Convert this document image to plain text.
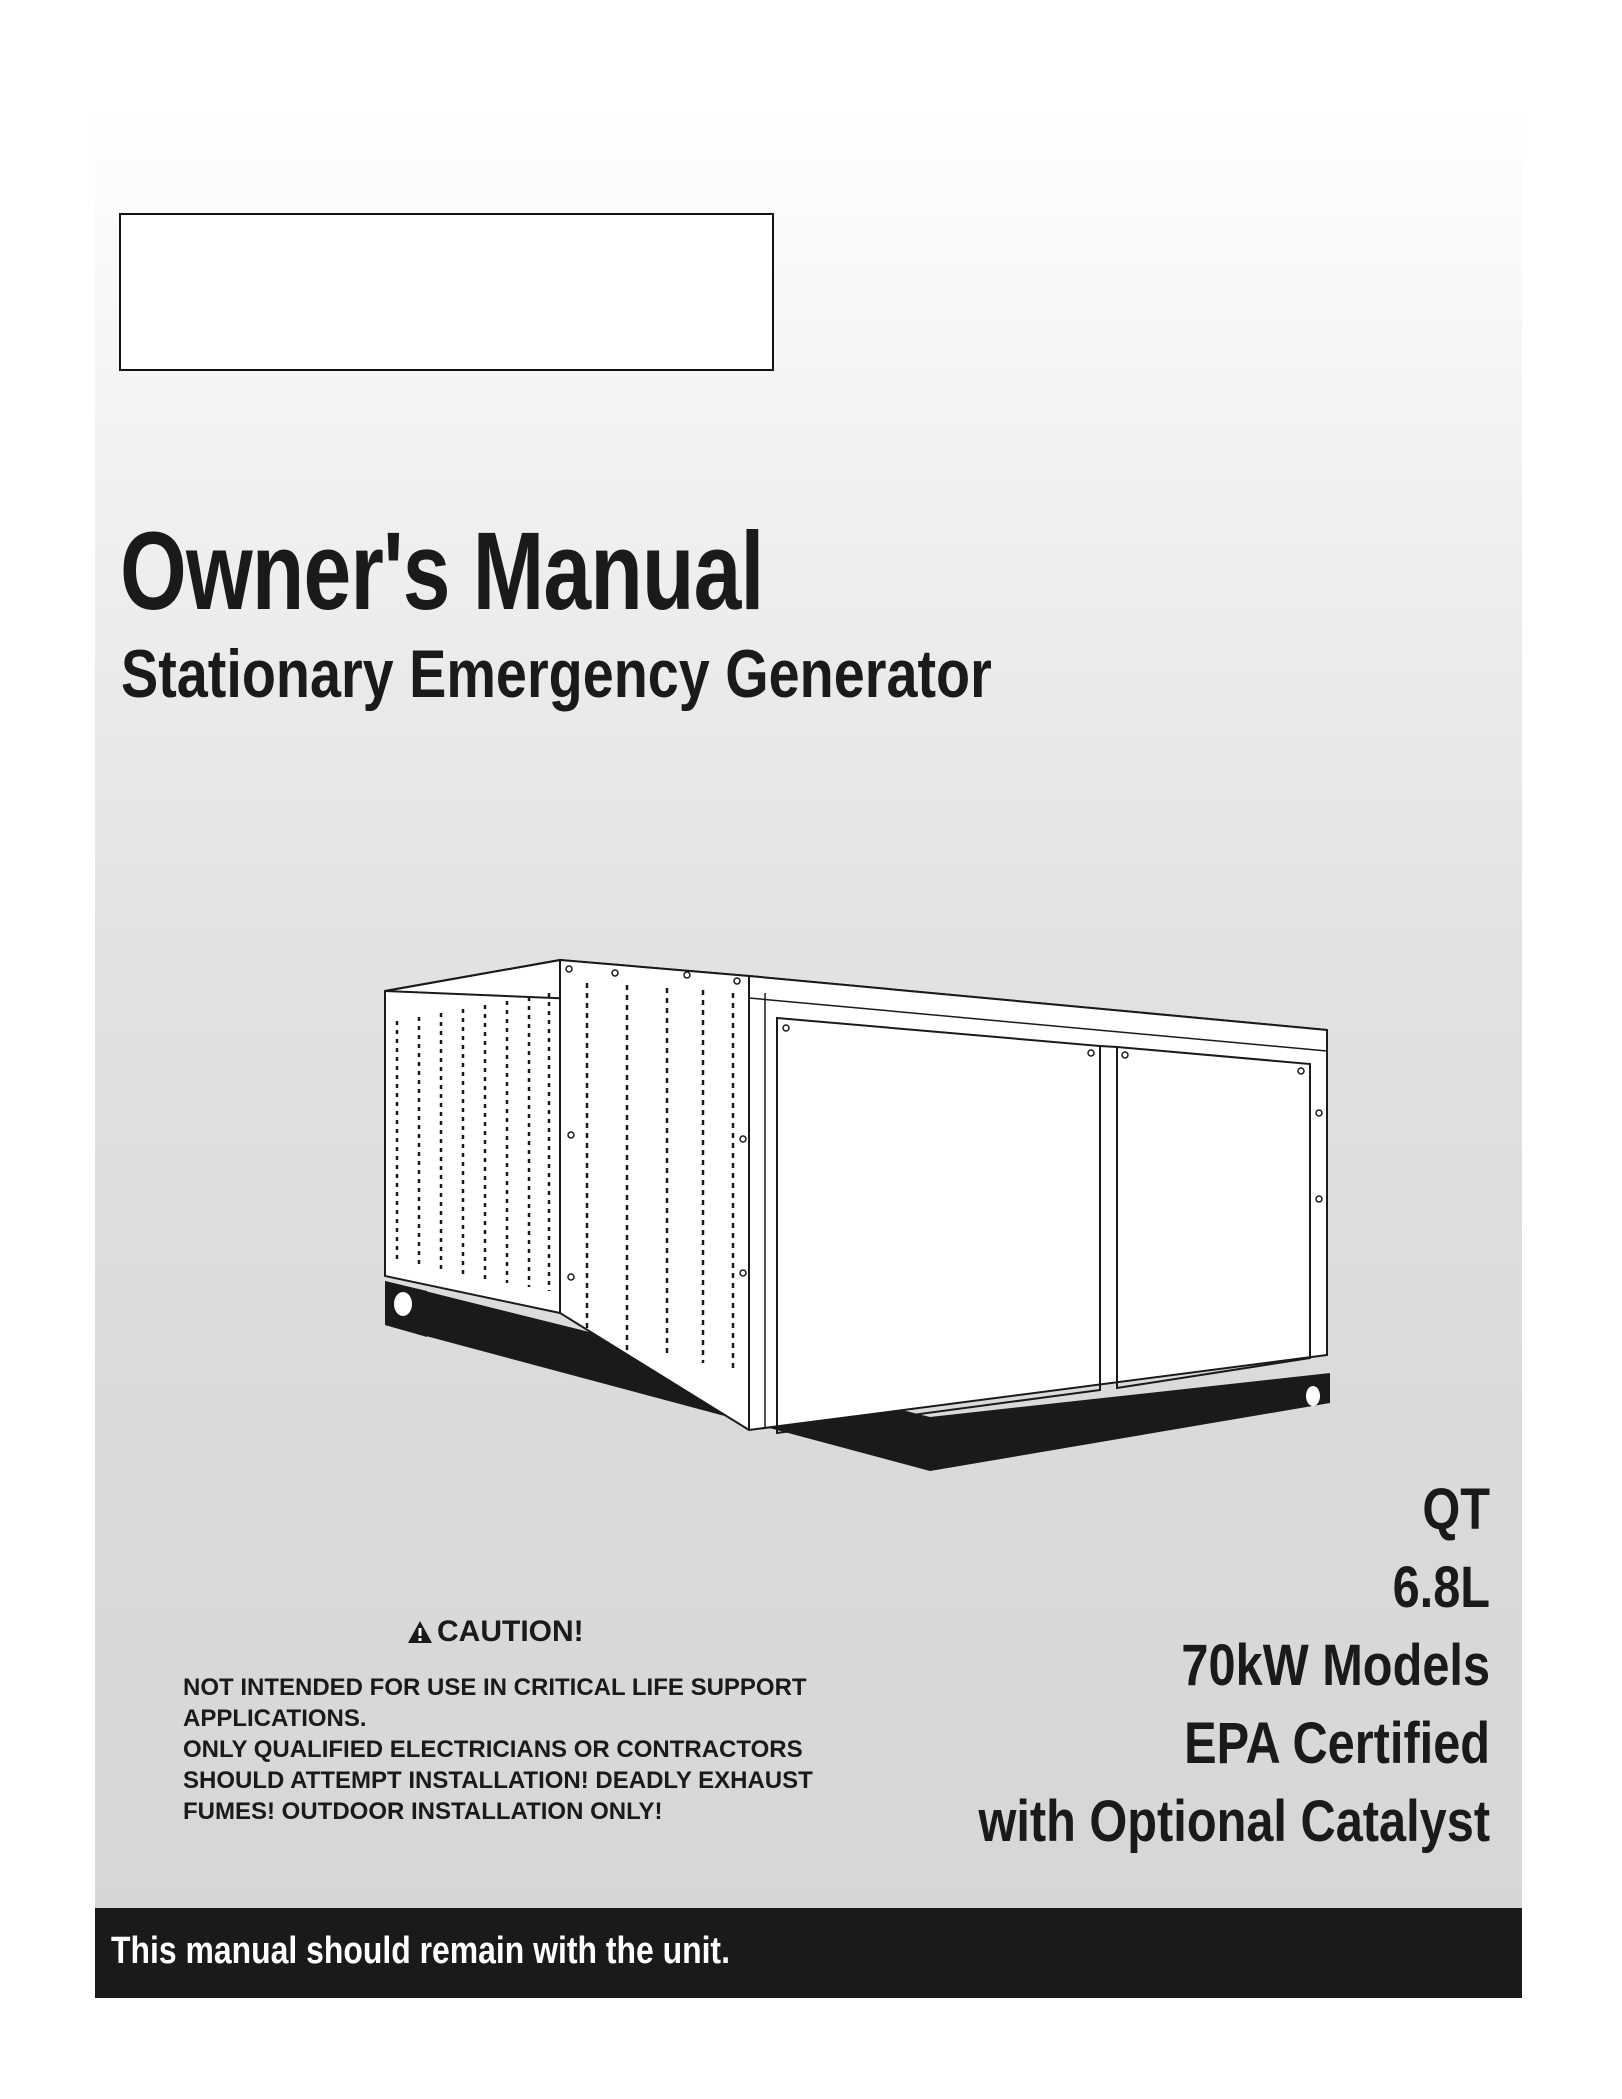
Owner's Manual
Stationary Emergency Generator
QT
6.8L
70kW Models
EPA Certified
with Optional Catalyst
CAUTION!

NOT INTENDED FOR USE IN CRITICAL LIFE SUPPORT APPLICATIONS.

ONLY QUALIFIED ELECTRICIANS OR CONTRACTORS SHOULD ATTEMPT INSTALLATION! DEADLY EXHAUST FUMES! OUTDOOR INSTALLATION ONLY!

This manual should remain with the unit.
